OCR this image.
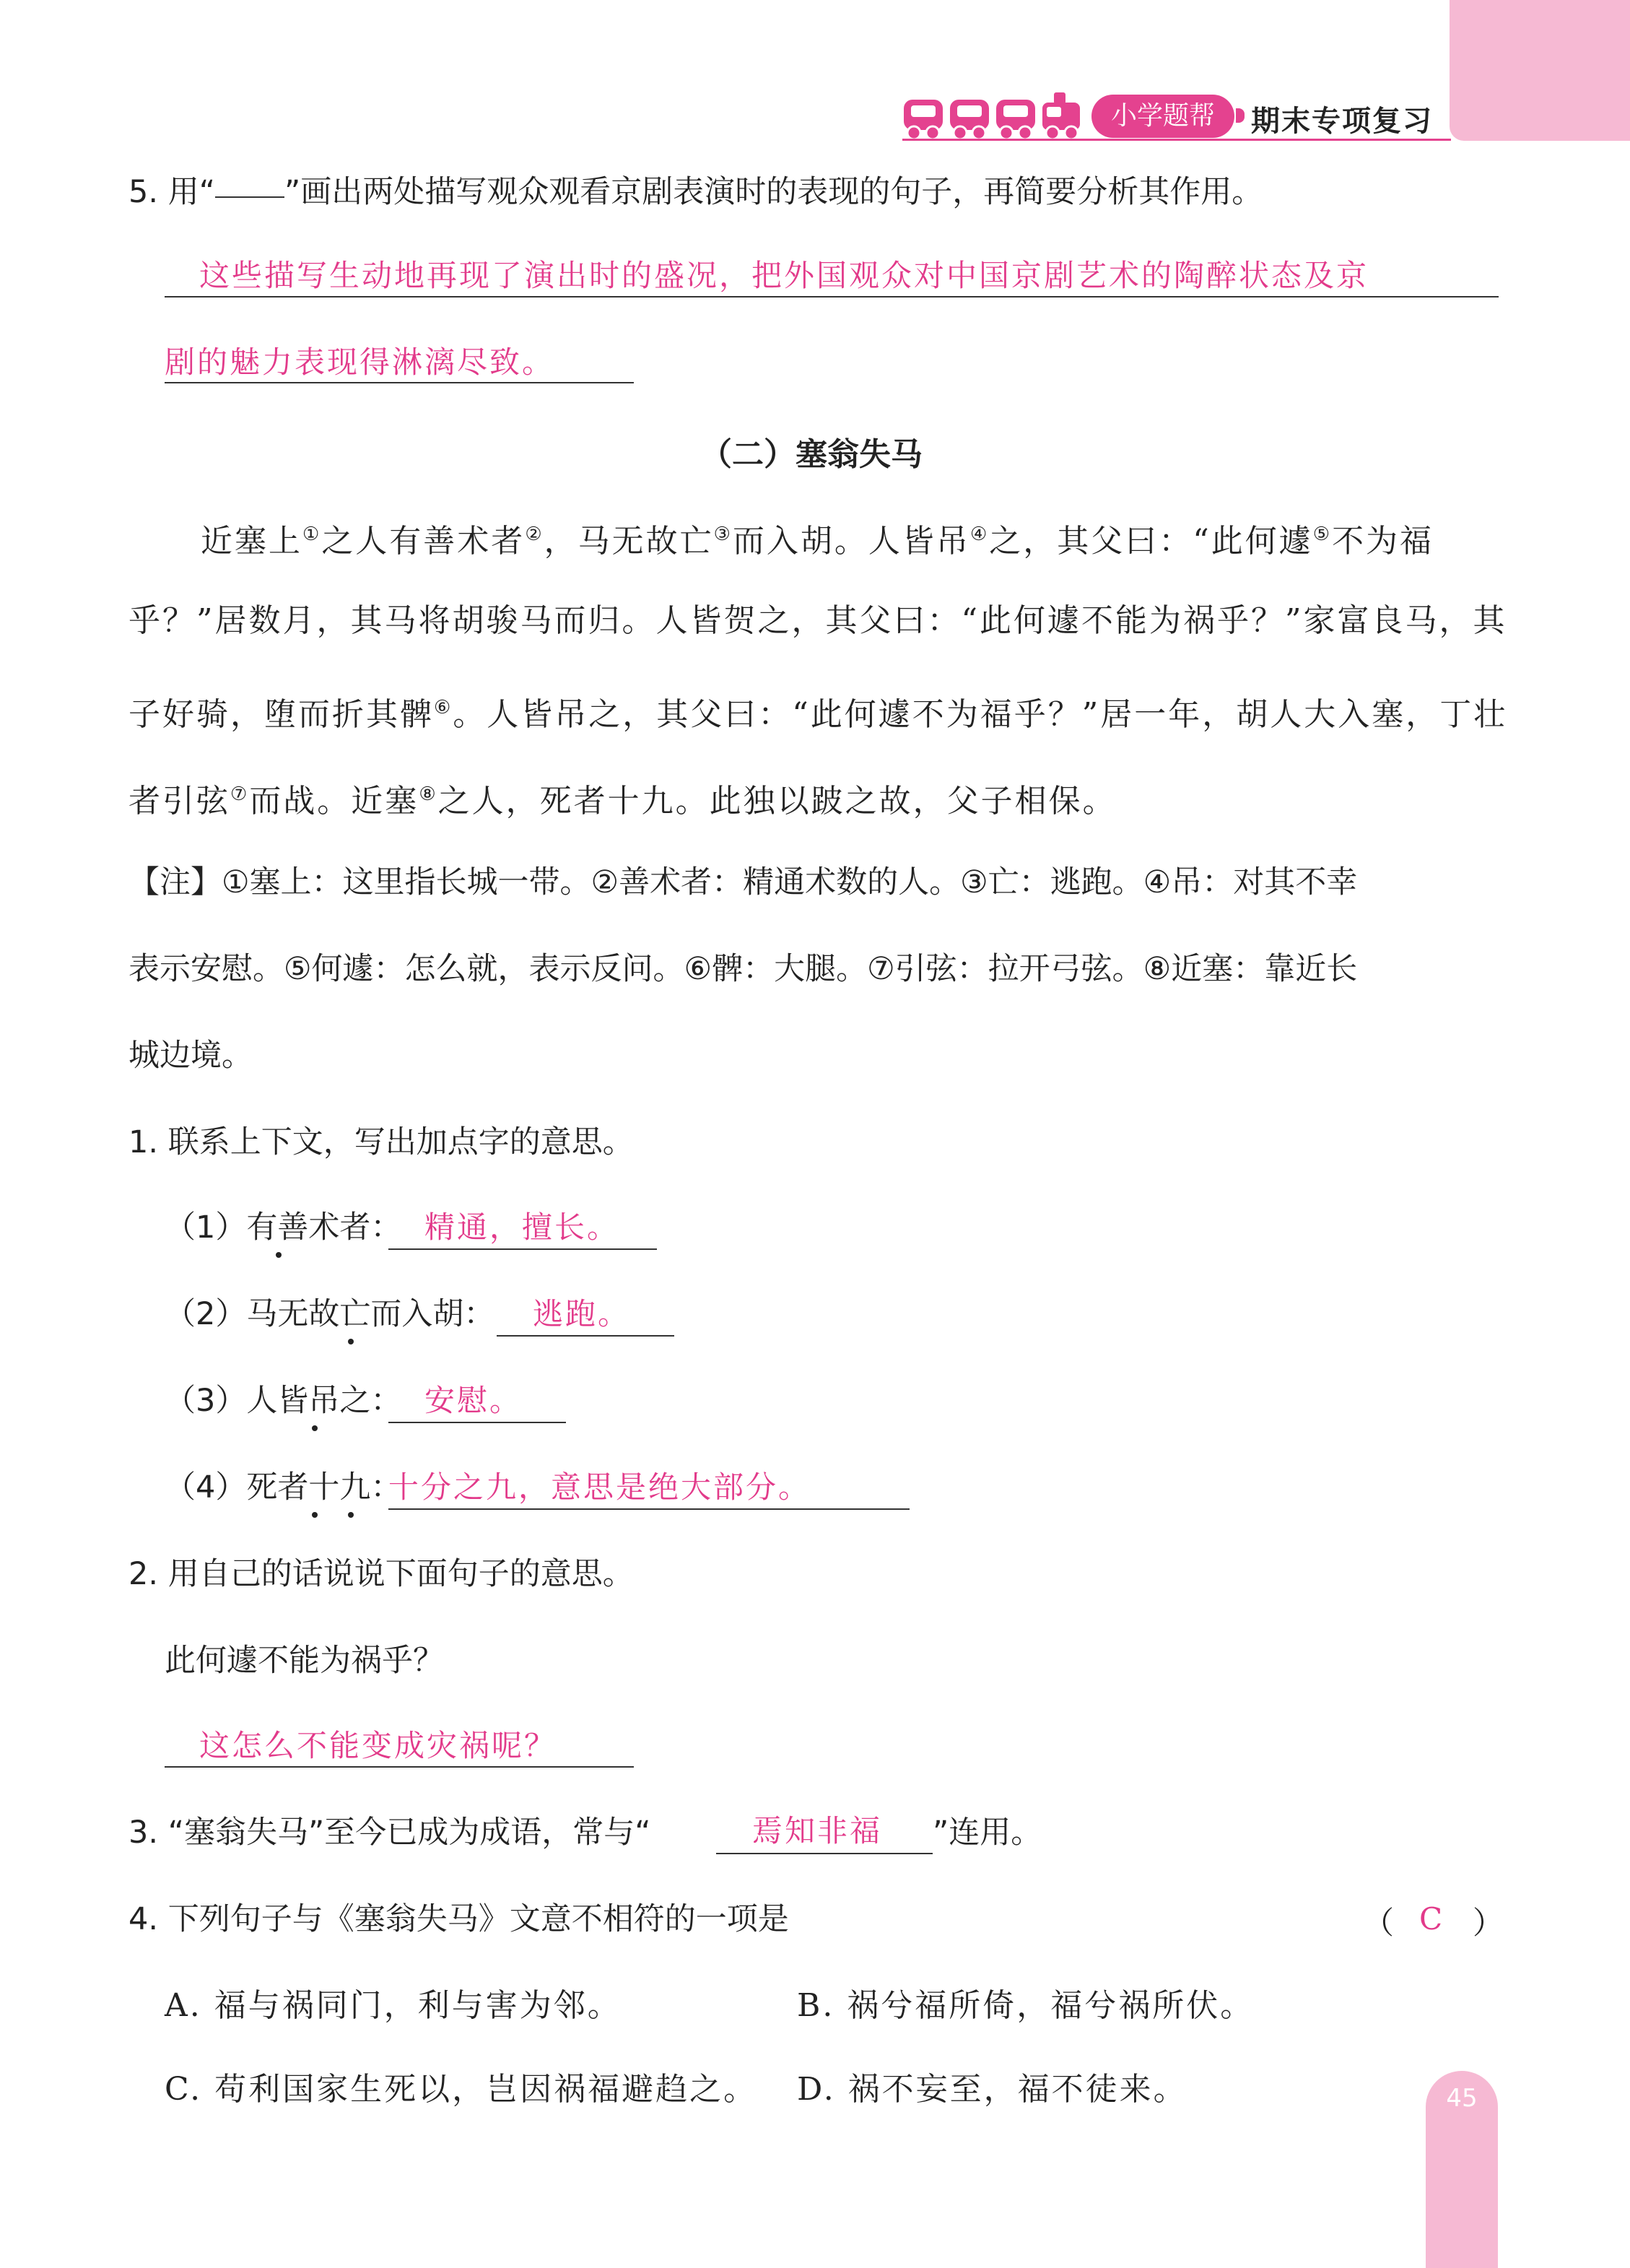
小学题帮	期末专项复习
5. 用“ ”画出两处描写观众观看京剧表演时的表现的句子，再简要分析其作用。
这些描写生动地再现了演出时的盛况，把外国观众对中国京剧艺术的陶醉状态及京
剧的魅力表现得淋漓尽致。
（二）塞翁失马
近塞上①之人有善术者②，马无故亡③而入胡。人皆吊④之，其父曰：“此何遽⑤不为福
乎？”居数月，其马将胡骏马而归。人皆贺之，其父曰：“此何遽不能为祸乎？”家富良马，其
子好骑，堕而折其髀⑥。人皆吊之，其父曰：“此何遽不为福乎？”居一年，胡人大入塞，丁壮
者引弦⑦而战。近塞⑧之人，死者十九。此独以跛之故，父子相保。
【注】①塞上：这里指长城一带。②善术者：精通术数的人。③亡：逃跑。④吊：对其不幸
表示安慰。⑤何遽：怎么就，表示反问。⑥髀：大腿。⑦引弦：拉开弓弦。⑧近塞：靠近长
城边境。
1. 联系上下文，写出加点字的意思。
（1）有善术者： 精通，擅长。
（2）马无故亡而入胡： 逃跑。
（3）人皆吊之： 安慰。
（4）死者十九：
十分之九，意思是绝大部分。
2. 用自己的话说说下面句子的意思。
此何遽不能为祸乎？
这怎么不能变成灾祸呢？
3. “塞翁失马”至今已成为成语，常与“	焉知非福 ”连用。
4. 下列句子与《塞翁失马》文意不相符的一项是	（ C ）
A. 福与祸同门，利与害为邻。	B. 祸兮福所倚，福兮祸所伏。
C. 苟利国家生死以，岂因祸福避趋之。 D. 祸不妄至，福不徒来。	45
